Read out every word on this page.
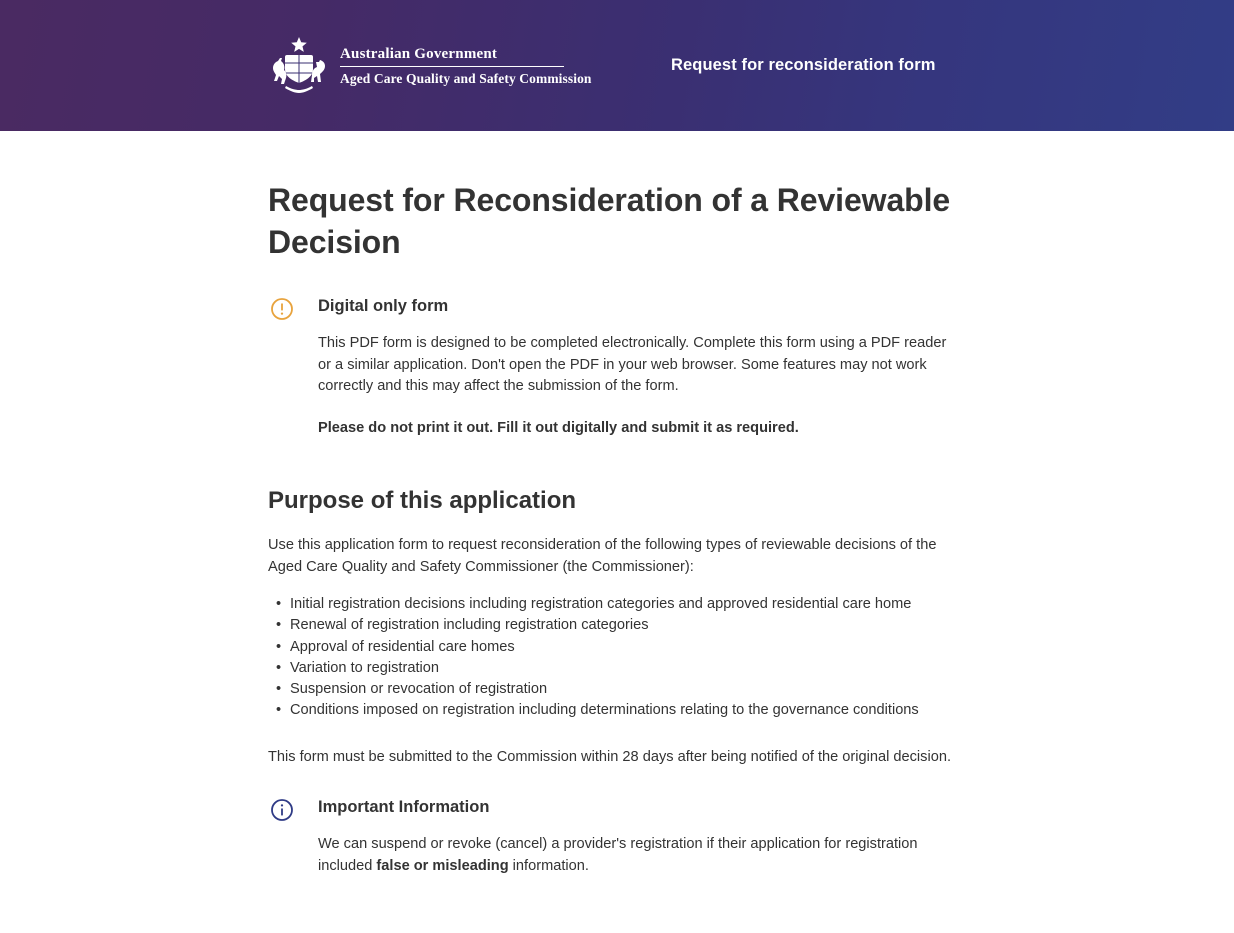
Australian Government
Aged Care Quality and Safety Commission
Request for reconsideration form
Request for Reconsideration of a Reviewable Decision

Digital only form

This PDF form is designed to be completed electronically. Complete this form using a PDF reader or a similar application. Don't open the PDF in your web browser. Some features may not work correctly and this may affect the submission of the form.

Please do not print it out. Fill it out digitally and submit it as required.

Purpose of this application

Use this application form to request reconsideration of the following types of reviewable decisions of the Aged Care Quality and Safety Commissioner (the Commissioner):

• Initial registration decisions including registration categories and approved residential care home
• Renewal of registration including registration categories
• Approval of residential care homes
• Variation to registration
• Suspension or revocation of registration
• Conditions imposed on registration including determinations relating to the governance conditions

This form must be submitted to the Commission within 28 days after being notified of the original decision.

Important Information

We can suspend or revoke (cancel) a provider's registration if their application for registration included false or misleading information.
